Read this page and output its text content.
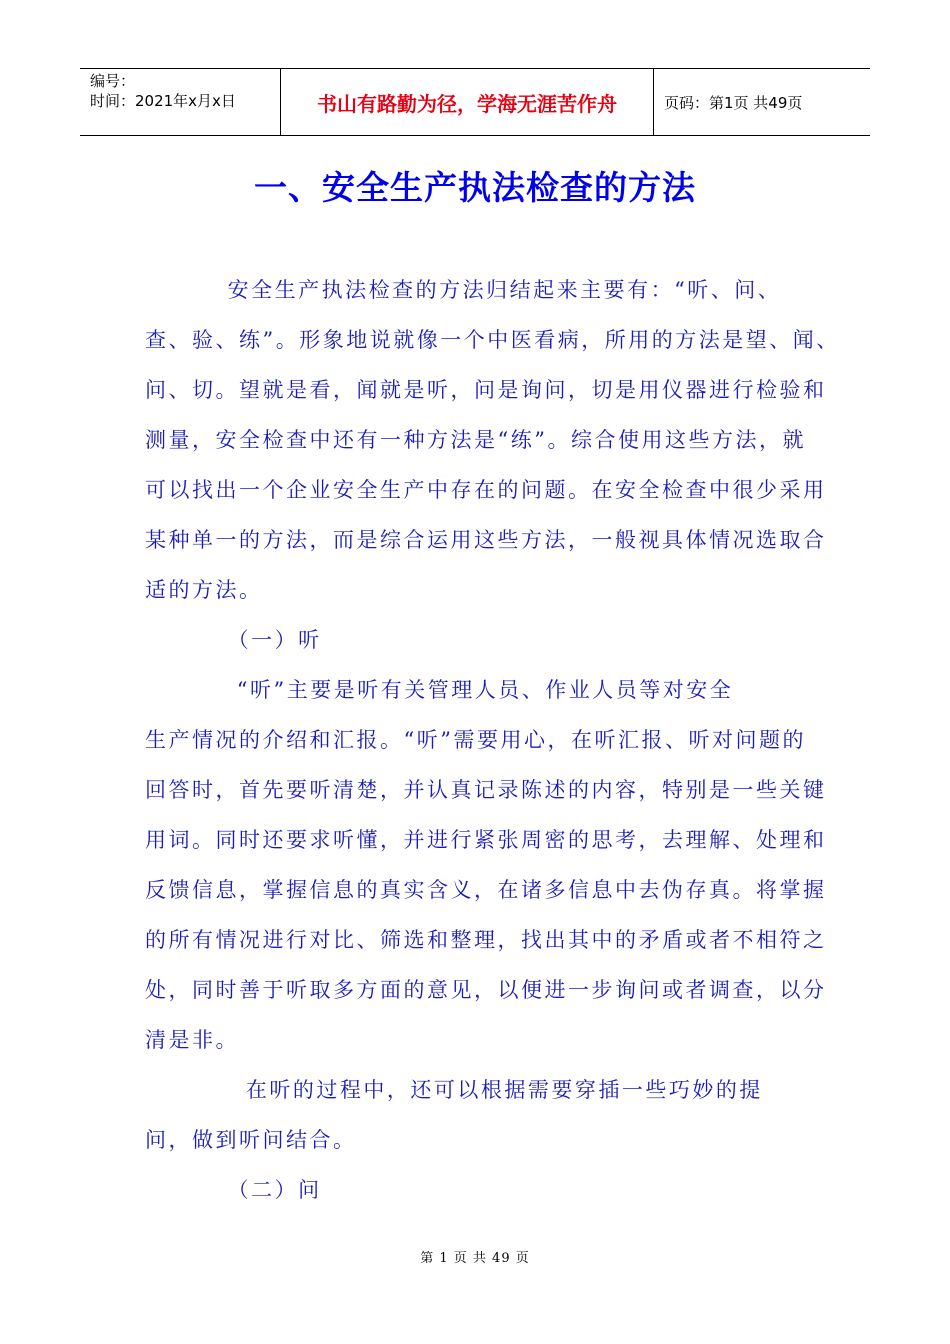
编号：
时间：2021年x月x日	书山有路勤为径，学海无涯苦作舟	页码：第1页 共49页
一、安全生产执法检查的方法

安全生产执法检查的方法归结起来主要有：“听、问、

查、验、练”。形象地说就像一个中医看病，所用的方法是望、闻、

问、切。望就是看，闻就是听，问是询问，切是用仪器进行检验和

测量，安全检查中还有一种方法是“练”。综合使用这些方法，就

可以找出一个企业安全生产中存在的问题。在安全检查中很少采用

某种单一的方法，而是综合运用这些方法，一般视具体情况选取合

适的方法。

（一）听

“听”主要是听有关管理人员、作业人员等对安全

生产情况的介绍和汇报。“听”需要用心，在听汇报、听对问题的

回答时，首先要听清楚，并认真记录陈述的内容，特别是一些关键

用词。同时还要求听懂，并进行紧张周密的思考，去理解、处理和

反馈信息，掌握信息的真实含义，在诸多信息中去伪存真。将掌握

的所有情况进行对比、筛选和整理，找出其中的矛盾或者不相符之

处，同时善于听取多方面的意见，以便进一步询问或者调查，以分

清是非。

在听的过程中，还可以根据需要穿插一些巧妙的提

问，做到听问结合。

（二）问

第 1 页 共 49 页
